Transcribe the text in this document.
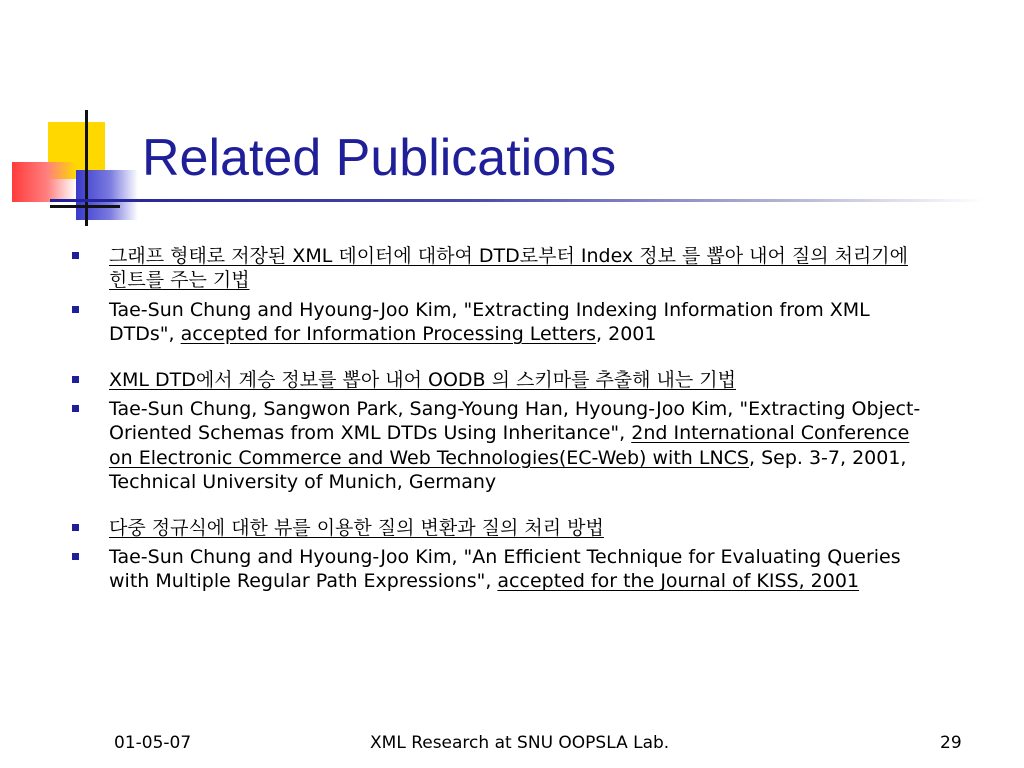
Related Publications
그래프 형태로 저장된 XML 데이터에 대하여 DTD로부터 Index 정보 를 뽑아 내어 질의 처리기에 힌트를 주는 기법
Tae-Sun Chung and Hyoung-Joo Kim, "Extracting Indexing Information from XML DTDs", accepted for Information Processing Letters, 2001
XML DTD에서 계승 정보를 뽑아 내어 OODB 의 스키마를 추출해 내는 기법
Tae-Sun Chung, Sangwon Park, Sang-Young Han, Hyoung-Joo Kim, "Extracting Object-Oriented Schemas from XML DTDs Using Inheritance", 2nd International Conference on Electronic Commerce and Web Technologies(EC-Web) with LNCS, Sep. 3-7, 2001, Technical University of Munich, Germany
다중 정규식에 대한 뷰를 이용한 질의 변환과 질의 처리 방법
Tae-Sun Chung and Hyoung-Joo Kim, "An Efficient Technique for Evaluating Queries with Multiple Regular Path Expressions", accepted for the Journal of KISS, 2001
01-05-07	XML Research at SNU OOPSLA Lab.	29
